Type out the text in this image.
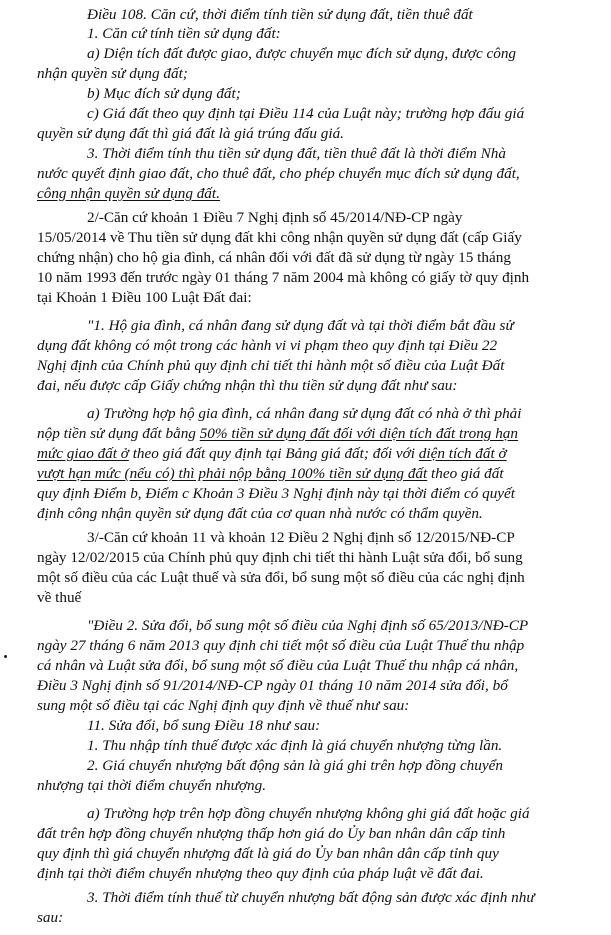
Điều 108. Căn cứ, thời điểm tính tiền sử dụng đất, tiền thuê đất
1. Căn cứ tính tiền sử dụng đất:
a) Diện tích đất được giao, được chuyển mục đích sử dụng, được công
nhận quyền sử dụng đất;
b) Mục đích sử dụng đất;
c) Giá đất theo quy định tại Điều 114 của Luật này; trường hợp đấu giá
quyền sử dụng đất thì giá đất là giá trúng đấu giá.
3. Thời điểm tính thu tiền sử dụng đất, tiền thuê đất là thời điểm Nhà
nước quyết định giao đất, cho thuê đất, cho phép chuyển mục đích sử dụng đất,
công nhận quyền sử dụng đất.
2/-Căn cứ khoản 1 Điều 7 Nghị định số 45/2014/NĐ-CP ngày
15/05/2014 về Thu tiền sử dụng đất khi công nhận quyền sử dụng đất (cấp Giấy
chứng nhận) cho hộ gia đình, cá nhân đối với đất đã sử dụng từ ngày 15 tháng
10 năm 1993 đến trước ngày 01 tháng 7 năm 2004 mà không có giấy tờ quy định
tại Khoản 1 Điều 100 Luật Đất đai:
"1. Hộ gia đình, cá nhân đang sử dụng đất và tại thời điểm bắt đầu sử
dụng đất không có một trong các hành vi vi phạm theo quy định tại Điều 22
Nghị định của Chính phủ quy định chi tiết thi hành một số điều của Luật Đất
đai, nếu được cấp Giấy chứng nhận thì thu tiền sử dụng đất như sau:
a) Trường hợp hộ gia đình, cá nhân đang sử dụng đất có nhà ở thì phải
nộp tiền sử dụng đất bằng 50% tiền sử dụng đất đối với diện tích đất trong hạn
mức giao đất ở theo giá đất quy định tại Bảng giá đất; đối với diện tích đất ở
vượt hạn mức (nếu có) thì phải nộp bằng 100% tiền sử dụng đất theo giá đất
quy định Điểm b, Điểm c Khoản 3 Điều 3 Nghị định này tại thời điểm có quyết
định công nhận quyền sử dụng đất của cơ quan nhà nước có thẩm quyền.
3/-Căn cứ khoản 11 và khoản 12 Điều 2 Nghị định số 12/2015/NĐ-CP
ngày 12/02/2015 của Chính phủ quy định chi tiết thi hành Luật sửa đổi, bổ sung
một số điều của các Luật thuế và sửa đổi, bổ sung một số điều của các nghị định
về thuế
"Điều 2. Sửa đổi, bổ sung một số điều của Nghị định số 65/2013/NĐ-CP
ngày 27 tháng 6 năm 2013 quy định chi tiết một số điều của Luật Thuế thu nhập
cá nhân và Luật sửa đổi, bổ sung một số điều của Luật Thuế thu nhập cá nhân,
Điều 3 Nghị định số 91/2014/NĐ-CP ngày 01 tháng 10 năm 2014 sửa đổi, bổ
sung một số điều tại các Nghị định quy định về thuế như sau:
11. Sửa đổi, bổ sung Điều 18 như sau:
1. Thu nhập tính thuế được xác định là giá chuyển nhượng từng lần.
2. Giá chuyển nhượng bất động sản là giá ghi trên hợp đồng chuyển
nhượng tại thời điểm chuyển nhượng.
a) Trường hợp trên hợp đồng chuyển nhượng không ghi giá đất hoặc giá
đất trên hợp đồng chuyển nhượng thấp hơn giá do Ủy ban nhân dân cấp tỉnh
quy định thì giá chuyển nhượng đất là giá do Ủy ban nhân dân cấp tỉnh quy
định tại thời điểm chuyển nhượng theo quy định của pháp luật về đất đai.
3. Thời điểm tính thuế từ chuyển nhượng bất động sản được xác định như
sau:
